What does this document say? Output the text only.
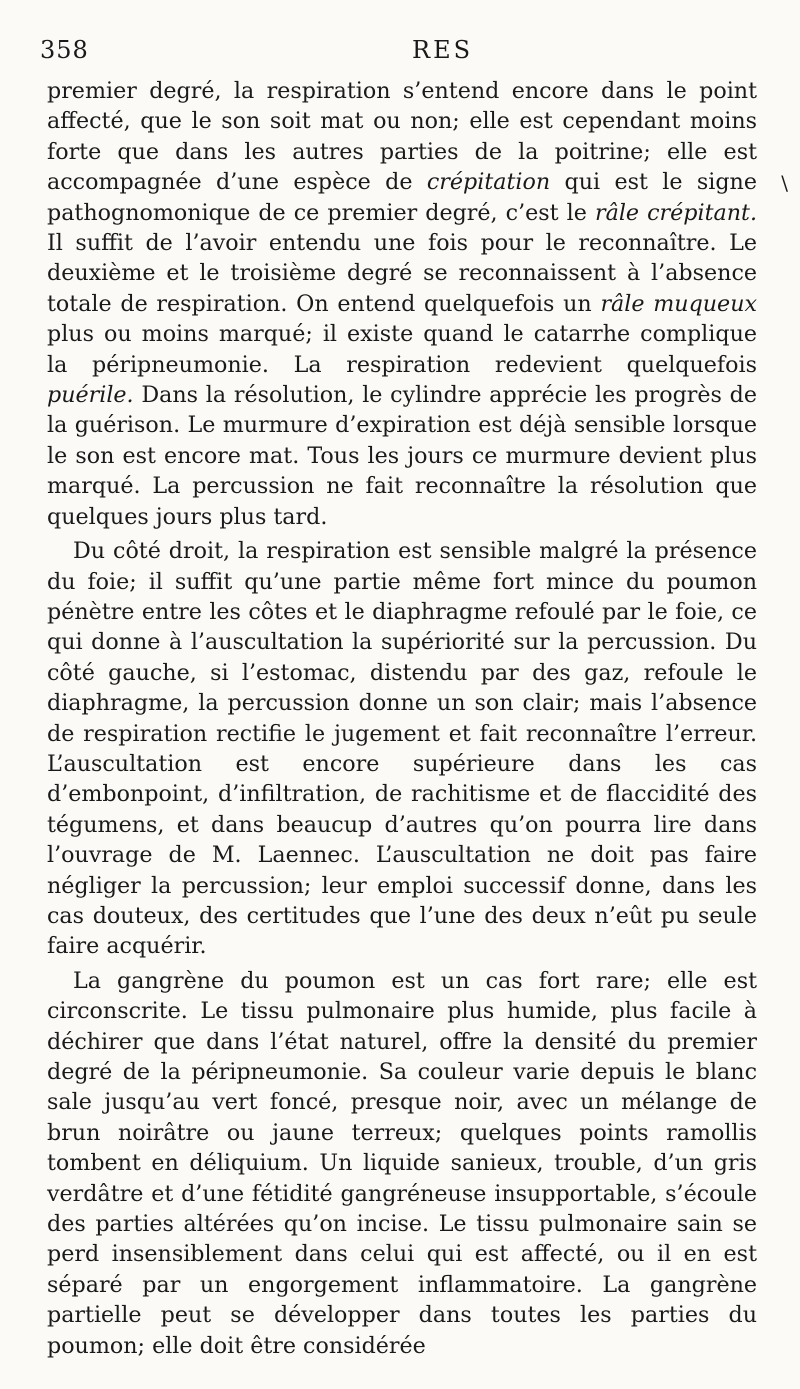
358	RES
\

premier degré, la respiration s’entend encore dans le point affecté, que le son soit mat ou non; elle est cependant moins forte que dans les autres parties de la poitrine; elle est accompagnée d’une espèce de crépitation qui est le signe pathognomonique de ce premier degré, c’est le râle crépitant. Il suffit de l’avoir entendu une fois pour le reconnaître. Le deuxième et le troisième degré se reconnaissent à l’absence totale de respiration. On entend quelquefois un râle muqueux plus ou moins marqué; il existe quand le catarrhe complique la péripneumonie. La respiration redevient quelquefois puérile. Dans la résolution, le cylindre apprécie les progrès de la guérison. Le murmure d’expiration est déjà sensible lorsque le son est encore mat. Tous les jours ce murmure devient plus marqué. La percussion ne fait reconnaître la résolution que quelques jours plus tard.

Du côté droit, la respiration est sensible malgré la présence du foie; il suffit qu’une partie même fort mince du poumon pénètre entre les côtes et le diaphragme refoulé par le foie, ce qui donne à l’auscultation la supériorité sur la percussion. Du côté gauche, si l’estomac, distendu par des gaz, refoule le diaphragme, la percussion donne un son clair; mais l’absence de respiration rectifie le jugement et fait reconnaître l’erreur. L’auscultation est encore supérieure dans les cas d’embonpoint, d’infiltration, de rachitisme et de flaccidité des tégumens, et dans beaucup d’autres qu’on pourra lire dans l’ouvrage de M. Laennec. L’auscultation ne doit pas faire négliger la percussion; leur emploi successif donne, dans les cas douteux, des certitudes que l’une des deux n’eût pu seule faire acquérir.

La gangrène du poumon est un cas fort rare; elle est circonscrite. Le tissu pulmonaire plus humide, plus facile à déchirer que dans l’état naturel, offre la densité du premier degré de la péripneumonie. Sa couleur varie depuis le blanc sale jusqu’au vert foncé, presque noir, avec un mélange de brun noirâtre ou jaune terreux; quelques points ramollis tombent en déliquium. Un liquide sanieux, trouble, d’un gris verdâtre et d’une fétidité gangréneuse insupportable, s’écoule des parties altérées qu’on incise. Le tissu pulmonaire sain se perd insensiblement dans celui qui est affecté, ou il en est séparé par un engorgement inflammatoire. La gangrène partielle peut se développer dans toutes les parties du poumon; elle doit être considérée
